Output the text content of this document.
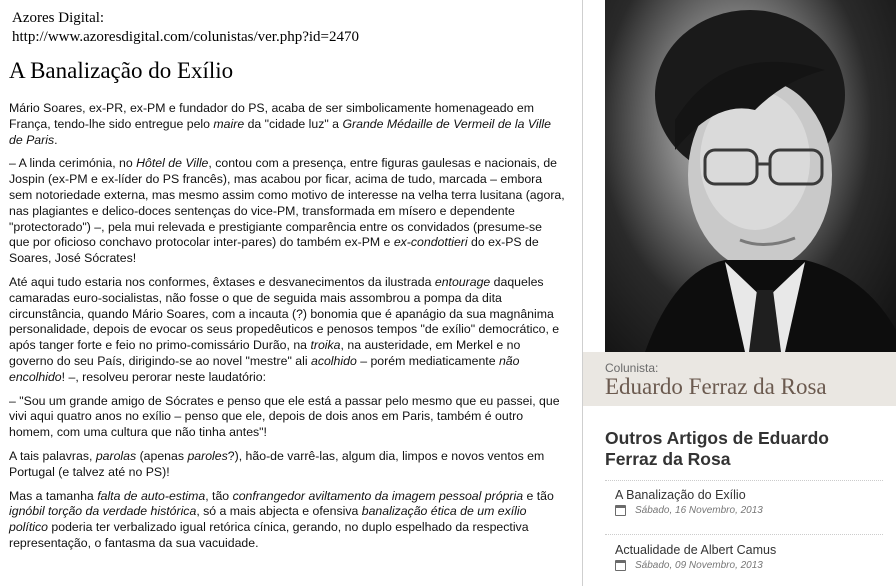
Azores Digital:
http://www.azoresdigital.com/colunistas/ver.php?id=2470
A Banalização do Exílio

Mário Soares, ex-PR, ex-PM e fundador do PS, acaba de ser simbolicamente homenageado em França, tendo-lhe sido entregue pelo maire da "cidade luz" a Grande Médaille de Vermeil de la Ville de Paris.

– A linda cerimónia, no Hôtel de Ville, contou com a presença, entre figuras gaulesas e nacionais, de Jospin (ex-PM e ex-líder do PS francês), mas acabou por ficar, acima de tudo, marcada – embora sem notoriedade externa, mas mesmo assim como motivo de interesse na velha terra lusitana (agora, nas plagiantes e delico-doces sentenças do vice-PM, transformada em mísero e dependente "protectorado") –, pela mui relevada e prestigiante comparência entre os convidados (presume-se que por oficioso conchavo protocolar inter-pares) do também ex-PM e ex-condottieri do ex-PS de Soares, José Sócrates!

Até aqui tudo estaria nos conformes, êxtases e desvanecimentos da ilustrada entourage daqueles camaradas euro-socialistas, não fosse o que de seguida mais assombrou a pompa da dita circunstância, quando Mário Soares, com a incauta (?) bonomia que é apanágio da sua magnânima personalidade, depois de evocar os seus propedêuticos e penosos tempos "de exílio" democrático, e após tanger forte e feio no primo-comissário Durão, na troika, na austeridade, em Merkel e no governo do seu País, dirigindo-se ao novel "mestre" ali acolhido – porém mediaticamente não encolhido! –, resolveu perorar neste laudatório:

– "Sou um grande amigo de Sócrates e penso que ele está a passar pelo mesmo que eu passei, que vivi aqui quatro anos no exílio – penso que ele, depois de dois anos em Paris, também é outro homem, com uma cultura que não tinha antes"!

A tais palavras, parolas (apenas paroles?), hão-de varrê-las, algum dia, limpos e novos ventos em Portugal (e talvez até no PS)!

Mas a tamanha falta de auto-estima, tão confrangedor aviltamento da imagem pessoal própria e tão ignóbil torção da verdade histórica, só a mais abjecta e ofensiva banalização ética de um exílio político poderia ter verbalizado igual retórica cínica, gerando, no duplo espelhado da respectiva representação, o fantasma da sua vacuidade.

Colunista:
Eduardo Ferraz da Rosa
Outros Artigos de Eduardo Ferraz da Rosa
A Banalização do Exílio
Sábado, 16 Novembro, 2013
Actualidade de Albert Camus
Sábado, 09 Novembro, 2013
